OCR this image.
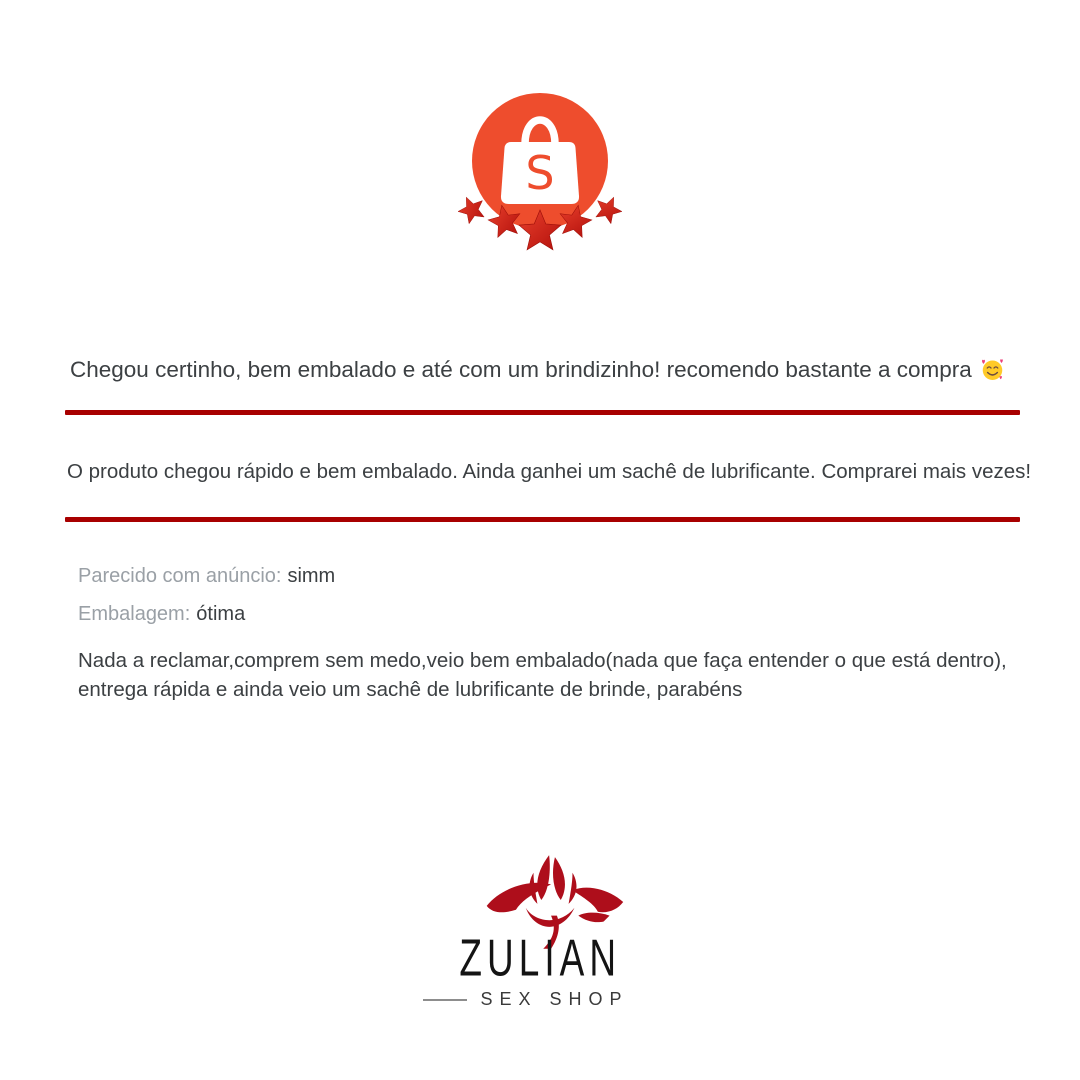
S
Chegou certinho, bem embalado e até com um brindizinho! recomendo bastante a compra
O produto chegou rápido e bem embalado. Ainda ganhei um sachê de lubrificante. Comprarei mais vezes!
Parecido com anúncio: simm
Embalagem: ótima
Nada a reclamar,comprem sem medo,veio bem embalado(nada que faça entender o que está dentro), entrega rápida e ainda veio um sachê de lubrificante de brinde, parabéns
ZULIAN
SEX SHOP
